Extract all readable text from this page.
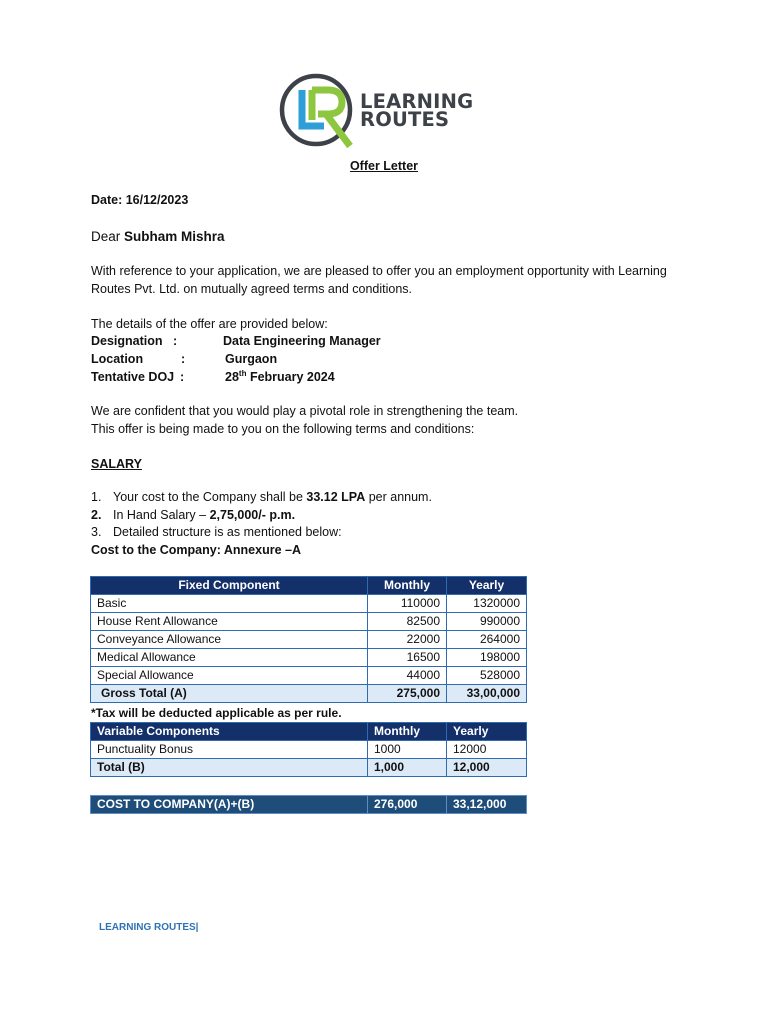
LEARNING
ROUTES
Offer Letter
Date: 16/12/2023
Dear Subham Mishra
With reference to your application, we are pleased to offer you an employment opportunity with Learning
Routes Pvt. Ltd. on mutually agreed terms and conditions.
The details of the offer are provided below:
Designation :	Data Engineering Manager
Location	:	Gurgaon
Tentative DOJ :	28th February 2024
We are confident that you would play a pivotal role in strengthening the team.
This offer is being made to you on the following terms and conditions:
SALARY
1. Your cost to the Company shall be 33.12 LPA per annum.
2. In Hand Salary – 2,75,000/- p.m.
3. Detailed structure is as mentioned below:
Cost to the Company: Annexure –A
Fixed Component	Monthly	Yearly
Basic	110000	1320000
House Rent Allowance	82500	990000
Conveyance Allowance	22000	264000
Medical Allowance	16500	198000
Special Allowance	44000	528000
Gross Total (A)	275,000	33,00,000
*Tax will be deducted applicable as per rule.
Variable Components	Monthly	Yearly
Punctuality Bonus	1000	12000
Total (B)	1,000	12,000
COST TO COMPANY(A)+(B)	276,000	33,12,000
LEARNING ROUTES|
